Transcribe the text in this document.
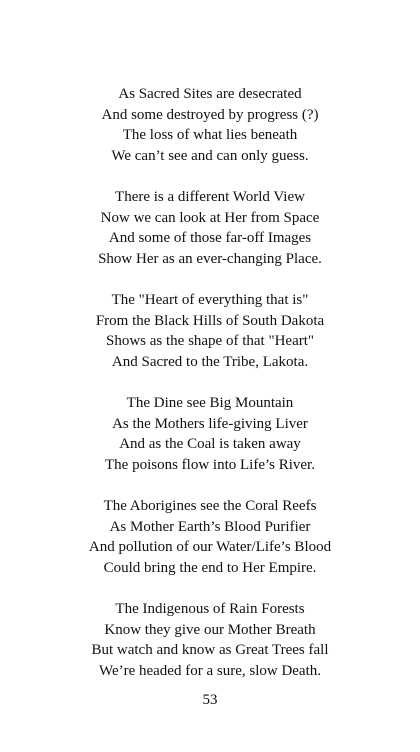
As Sacred Sites are desecrated
And some destroyed by progress (?)
The loss of what lies beneath
We can’t see and can only guess.
There is a different World View
Now we can look at Her from Space
And some of those far-off Images
Show Her as an ever-changing Place.
The "Heart of everything that is"
From the Black Hills of South Dakota
Shows as the shape of that "Heart"
And Sacred to the Tribe, Lakota.
The Dine see Big Mountain
As the Mothers life-giving Liver
And as the Coal is taken away
The poisons flow into Life’s River.
The Aborigines see the Coral Reefs
As Mother Earth’s Blood Purifier
And pollution of our Water/Life’s Blood
Could bring the end to Her Empire.
The Indigenous of Rain Forests
Know they give our Mother Breath
But watch and know as Great Trees fall
We’re headed for a sure, slow Death.
53
